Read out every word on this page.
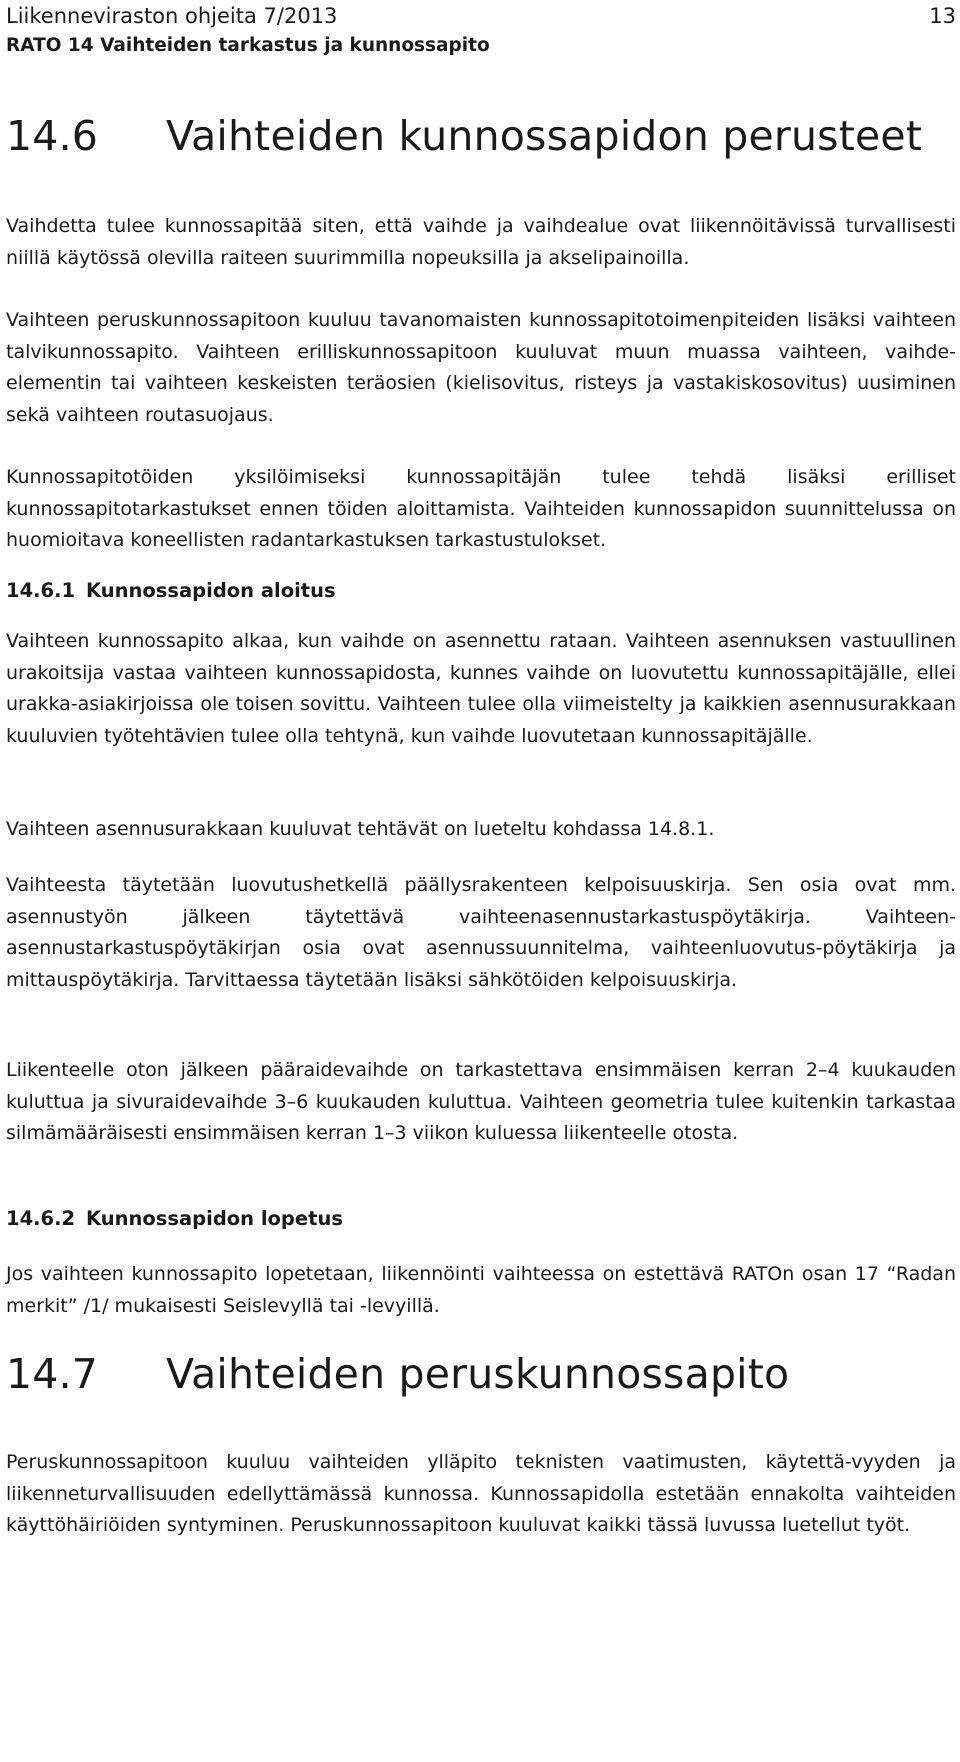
Liikenneviraston ohjeita 7/2013	13
RATO 14 Vaihteiden tarkastus ja kunnossapito
14.6 Vaihteiden kunnossapidon perusteet
Vaihdetta tulee kunnossapitää siten, että vaihde ja vaihdealue ovat liikennöitävissä turvallisesti niillä käytössä olevilla raiteen suurimmilla nopeuksilla ja akselipainoilla.
Vaihteen peruskunnossapitoon kuuluu tavanomaisten kunnossapitotoimenpiteiden lisäksi vaihteen talvikunnossapito. Vaihteen erilliskunnossapitoon kuuluvat muun muassa vaihteen, vaihde-elementin tai vaihteen keskeisten teräosien (kielisovitus, risteys ja vastakiskosovitus) uusiminen sekä vaihteen routasuojaus.
Kunnossapitotöiden yksilöimiseksi kunnossapitäjän tulee tehdä lisäksi erilliset kunnossapitotarkastukset ennen töiden aloittamista. Vaihteiden kunnossapidon suunnittelussa on huomioitava koneellisten radantarkastuksen tarkastustulokset.
14.6.1 Kunnossapidon aloitus
Vaihteen kunnossapito alkaa, kun vaihde on asennettu rataan. Vaihteen asennuksen vastuullinen urakoitsija vastaa vaihteen kunnossapidosta, kunnes vaihde on luovutettu kunnossapitäjälle, ellei urakka-asiakirjoissa ole toisen sovittu. Vaihteen tulee olla viimeistelty ja kaikkien asennusurakkaan kuuluvien työtehtävien tulee olla tehtynä, kun vaihde luovutetaan kunnossapitäjälle.
Vaihteen asennusurakkaan kuuluvat tehtävät on lueteltu kohdassa 14.8.1.
Vaihteesta täytetään luovutushetkellä päällysrakenteen kelpoisuuskirja. Sen osia ovat mm. asennustyön jälkeen täytettävä vaihteenasennustarkastuspöytäkirja. Vaihteen-asennustarkastuspöytäkirjan osia ovat asennussuunnitelma, vaihteenluovutus-pöytäkirja ja mittauspöytäkirja. Tarvittaessa täytetään lisäksi sähkötöiden kelpoisuuskirja.
Liikenteelle oton jälkeen pääraidevaihde on tarkastettava ensimmäisen kerran 2–4 kuukauden kuluttua ja sivuraidevaihde 3–6 kuukauden kuluttua. Vaihteen geometria tulee kuitenkin tarkastaa silmämääräisesti ensimmäisen kerran 1–3 viikon kuluessa liikenteelle otosta.
14.6.2 Kunnossapidon lopetus
Jos vaihteen kunnossapito lopetetaan, liikennöinti vaihteessa on estettävä RATOn osan 17 “Radan merkit” /1/ mukaisesti Seislevyllä tai -levyillä.
14.7 Vaihteiden peruskunnossapito
Peruskunnossapitoon kuuluu vaihteiden ylläpito teknisten vaatimusten, käytettä-vyyden ja liikenneturvallisuuden edellyttämässä kunnossa. Kunnossapidolla estetään ennakolta vaihteiden käyttöhäiriöiden syntyminen. Peruskunnossapitoon kuuluvat kaikki tässä luvussa luetellut työt.
